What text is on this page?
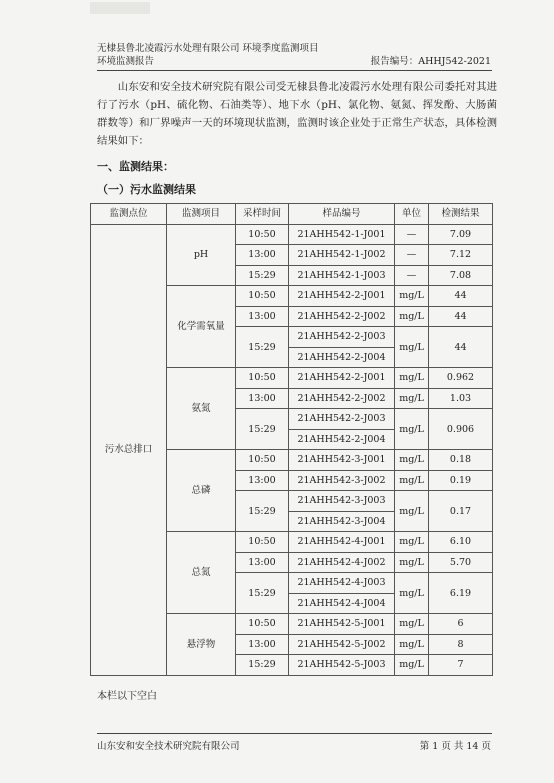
无棣县鲁北凌霞污水处理有限公司 环境季度监测项目
环境监测报告	报告编号：AHHJ542-2021

山东安和安全技术研究院有限公司受无棣县鲁北凌霞污水处理有限公司委托对其进行了污水（pH、硫化物、石油类等）、地下水（pH、氯化物、氨氮、挥发酚、大肠菌群数等）和厂界噪声一天的环境现状监测，监测时该企业处于正常生产状态，具体检测结果如下：

一、监测结果：
（一）污水监测结果
监测点位	监测项目	采样时间	样品编号	单位	检测结果
污水总排口	pH	10:50	21AHH542-1-J001	—	7.09
		13:00	21AHH542-1-J002	—	7.12
		15:29	21AHH542-1-J003	—	7.08
	化学需氧量	10:50	21AHH542-2-J001	mg/L	44
		13:00	21AHH542-2-J002	mg/L	44
		15:29	21AHH542-2-J003	mg/L	44
			21AHH542-2-J004		
	氨氮	10:50	21AHH542-2-J001	mg/L	0.962
		13:00	21AHH542-2-J002	mg/L	1.03
		15:29	21AHH542-2-J003	mg/L	0.906
			21AHH542-2-J004		
	总磷	10:50	21AHH542-3-J001	mg/L	0.18
		13:00	21AHH542-3-J002	mg/L	0.19
		15:29	21AHH542-3-J003	mg/L	0.17
			21AHH542-3-J004		
	总氮	10:50	21AHH542-4-J001	mg/L	6.10
		13:00	21AHH542-4-J002	mg/L	5.70
		15:29	21AHH542-4-J003	mg/L	6.19
			21AHH542-4-J004		
	悬浮物	10:50	21AHH542-5-J001	mg/L	6
		13:00	21AHH542-5-J002	mg/L	8
		15:29	21AHH542-5-J003	mg/L	7
本栏以下空白
山东安和安全技术研究院有限公司	第 1 页 共 14 页
